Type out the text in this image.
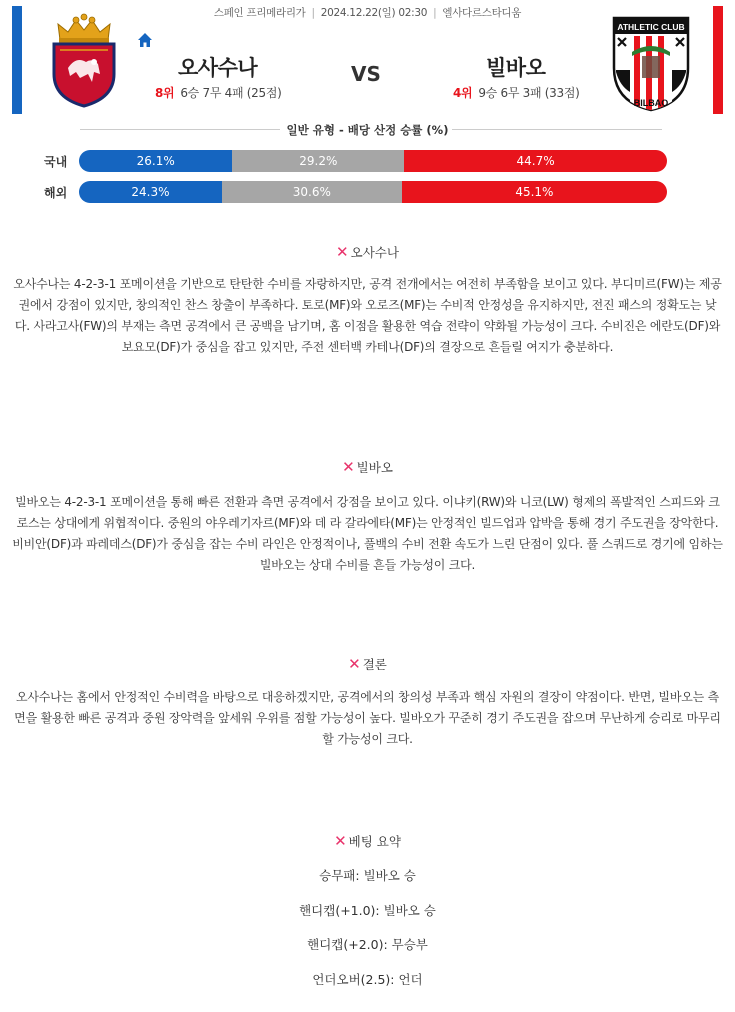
스페인 프리메라리가 | 2024.12.22(일) 02:30 | 엘사다르스타디움
오사수나	VS	빌바오
8위 6승 7무 4패 (25점)	4위 9승 6무 3패 (33점)
ATHLETIC CLUB
BILBAO
일반 유형 - 배당 산정 승률 (%)
국내	26.1%	29.2%	44.7%
해외	24.3%	30.6%	45.1%
✕ 오사수나
오사수나는 4-2-3-1 포메이션을 기반으로 탄탄한 수비를 자랑하지만, 공격 전개에서는 여전히 부족함을 보이고 있다. 부디미르(FW)는 제공권에서 강점이 있지만, 창의적인 찬스 창출이 부족하다. 토로(MF)와 오로즈(MF)는 수비적 안정성을 유지하지만, 전진 패스의 정확도는 낮다. 사라고사(FW)의 부재는 측면 공격에서 큰 공백을 남기며, 홈 이점을 활용한 역습 전략이 약화될 가능성이 크다. 수비진은 에란도(DF)와 보요모(DF)가 중심을 잡고 있지만, 주전 센터백 카테나(DF)의 결장으로 흔들릴 여지가 충분하다.
✕ 빌바오
빌바오는 4-2-3-1 포메이션을 통해 빠른 전환과 측면 공격에서 강점을 보이고 있다. 이냐키(RW)와 니코(LW) 형제의 폭발적인 스피드와 크로스는 상대에게 위협적이다. 중원의 야우레기자르(MF)와 데 라 갈라에타(MF)는 안정적인 빌드업과 압박을 통해 경기 주도권을 장악한다. 비비안(DF)과 파레데스(DF)가 중심을 잡는 수비 라인은 안정적이나, 풀백의 수비 전환 속도가 느린 단점이 있다. 풀 스쿼드로 경기에 임하는 빌바오는 상대 수비를 흔들 가능성이 크다.
✕ 결론
오사수나는 홈에서 안정적인 수비력을 바탕으로 대응하겠지만, 공격에서의 창의성 부족과 핵심 자원의 결장이 약점이다. 반면, 빌바오는 측면을 활용한 빠른 공격과 중원 장악력을 앞세워 우위를 점할 가능성이 높다. 빌바오가 꾸준히 경기 주도권을 잡으며 무난하게 승리로 마무리할 가능성이 크다.
✕ 베팅 요약
승무패: 빌바오 승
핸디캡(+1.0): 빌바오 승
핸디캡(+2.0): 무승부
언더오버(2.5): 언더
